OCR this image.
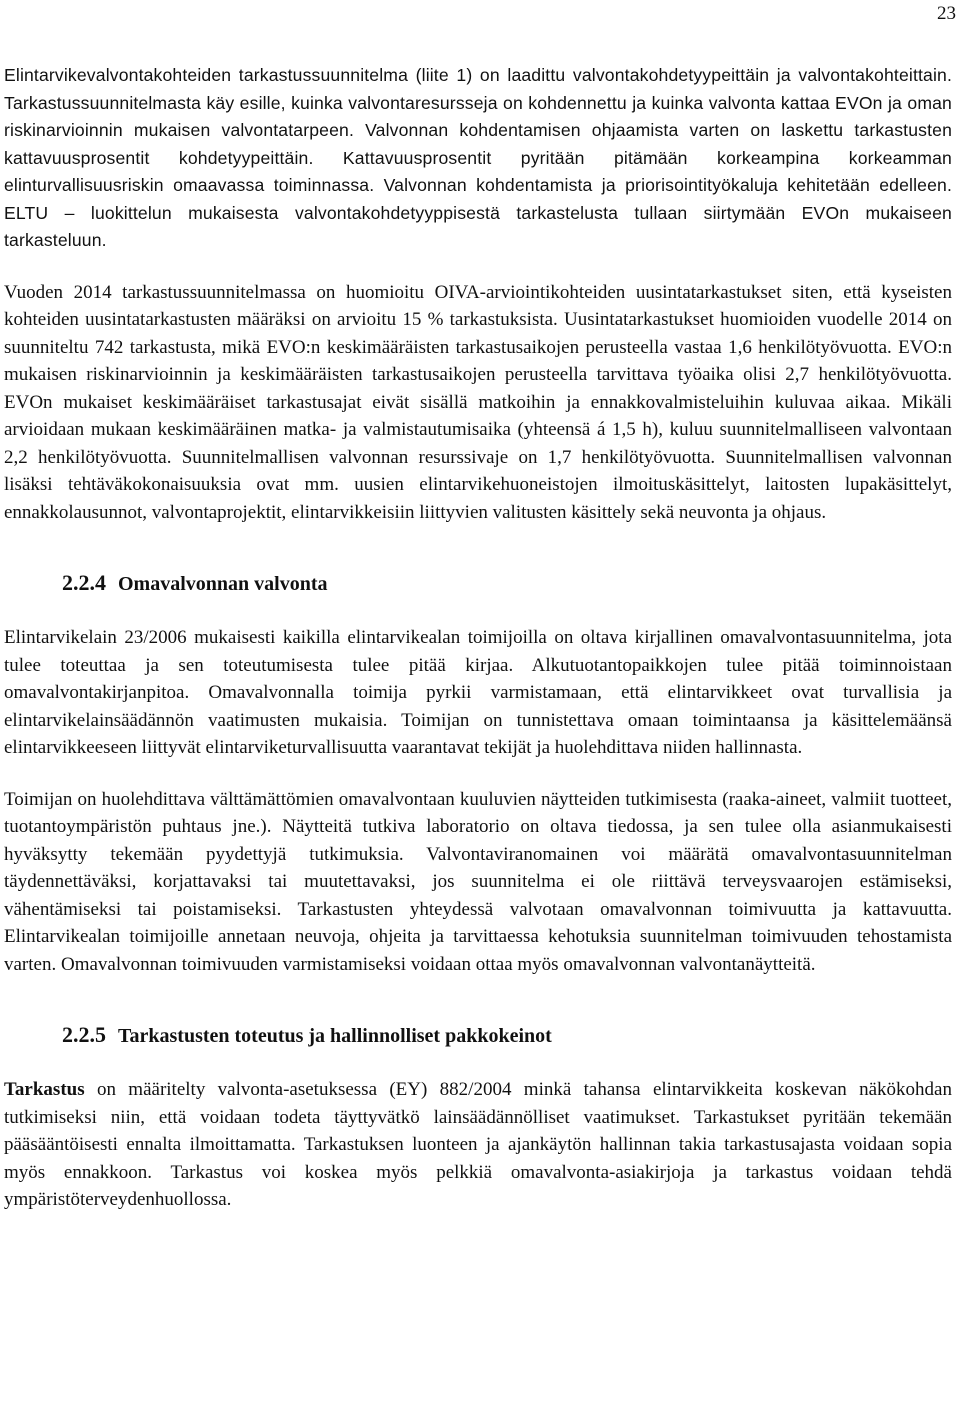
23

Elintarvikevalvontakohteiden tarkastussuunnitelma (liite 1) on laadittu valvontakohdetyypeittäin ja valvontakohteittain. Tarkastussuunnitelmasta käy esille, kuinka valvontaresursseja on kohdennettu ja kuinka valvonta kattaa EVOn ja oman riskinarvioinnin mukaisen valvontatarpeen. Valvonnan kohdentamisen ohjaamista varten on laskettu tarkastusten kattavuusprosentit kohdetyypeittäin. Kattavuusprosentit pyritään pitämään korkeampina korkeamman elinturvallisuusriskin omaavassa toiminnassa. Valvonnan kohdentamista ja priorisointityökaluja kehitetään edelleen. ELTU – luokittelun mukaisesta valvontakohdetyyppisestä tarkastelusta tullaan siirtymään EVOn mukaiseen tarkasteluun.

Vuoden 2014 tarkastussuunnitelmassa on huomioitu OIVA-arviointikohteiden uusintatarkastukset siten, että kyseisten kohteiden uusintatarkastusten määräksi on arvioitu 15 % tarkastuksista. Uusintatarkastukset huomioiden vuodelle 2014 on suunniteltu 742 tarkastusta, mikä EVO:n keskimääräisten tarkastusaikojen perusteella vastaa 1,6 henkilötyövuotta. EVO:n mukaisen riskinarvioinnin ja keskimääräisten tarkastusaikojen perusteella tarvittava työaika olisi 2,7 henkilötyövuotta. EVOn mukaiset keskimääräiset tarkastusajat eivät sisällä matkoihin ja ennakkovalmisteluihin kuluvaa aikaa. Mikäli arvioidaan mukaan keskimääräinen matka- ja valmistautumisaika (yhteensä á 1,5 h), kuluu suunnitelmalliseen valvontaan 2,2 henkilötyövuotta. Suunnitelmallisen valvonnan resurssivaje on 1,7 henkilötyövuotta. Suunnitelmallisen valvonnan lisäksi tehtäväkokonaisuuksia ovat mm. uusien elintarvikehuoneistojen ilmoituskäsittelyt, laitosten lupakäsittelyt, ennakkolausunnot, valvontaprojektit, elintarvikkeisiin liittyvien valitusten käsittely sekä neuvonta ja ohjaus.

2.2.4 Omavalvonnan valvonta

Elintarvikelain 23/2006 mukaisesti kaikilla elintarvikealan toimijoilla on oltava kirjallinen omavalvontasuunnitelma, jota tulee toteuttaa ja sen toteutumisesta tulee pitää kirjaa. Alkutuotantopaikkojen tulee pitää toiminnoistaan omavalvontakirjanpitoa. Omavalvonnalla toimija pyrkii varmistamaan, että elintarvikkeet ovat turvallisia ja elintarvikelainsäädännön vaatimusten mukaisia. Toimijan on tunnistettava omaan toimintaansa ja käsittelemäänsä elintarvikkeeseen liittyvät elintarviketurvallisuutta vaarantavat tekijät ja huolehdittava niiden hallinnasta.

Toimijan on huolehdittava välttämättömien omavalvontaan kuuluvien näytteiden tutkimisesta (raaka-aineet, valmiit tuotteet, tuotantoympäristön puhtaus jne.). Näytteitä tutkiva laboratorio on oltava tiedossa, ja sen tulee olla asianmukaisesti hyväksytty tekemään pyydettyjä tutkimuksia. Valvontaviranomainen voi määrätä omavalvontasuunnitelman täydennettäväksi, korjattavaksi tai muutettavaksi, jos suunnitelma ei ole riittävä terveysvaarojen estämiseksi, vähentämiseksi tai poistamiseksi. Tarkastusten yhteydessä valvotaan omavalvonnan toimivuutta ja kattavuutta. Elintarvikealan toimijoille annetaan neuvoja, ohjeita ja tarvittaessa kehotuksia suunnitelman toimivuuden tehostamista varten. Omavalvonnan toimivuuden varmistamiseksi voidaan ottaa myös omavalvonnan valvontanäytteitä.

2.2.5 Tarkastusten toteutus ja hallinnolliset pakkokeinot

Tarkastus on määritelty valvonta-asetuksessa (EY) 882/2004 minkä tahansa elintarvikkeita koskevan näkökohdan tutkimiseksi niin, että voidaan todeta täyttyvätkö lainsäädännölliset vaatimukset. Tarkastukset pyritään tekemään pääsääntöisesti ennalta ilmoittamatta. Tarkastuksen luonteen ja ajankäytön hallinnan takia tarkastusajasta voidaan sopia myös ennakkoon. Tarkastus voi koskea myös pelkkiä omavalvonta-asiakirjoja ja tarkastus voidaan tehdä ympäristöterveydenhuollossa.
